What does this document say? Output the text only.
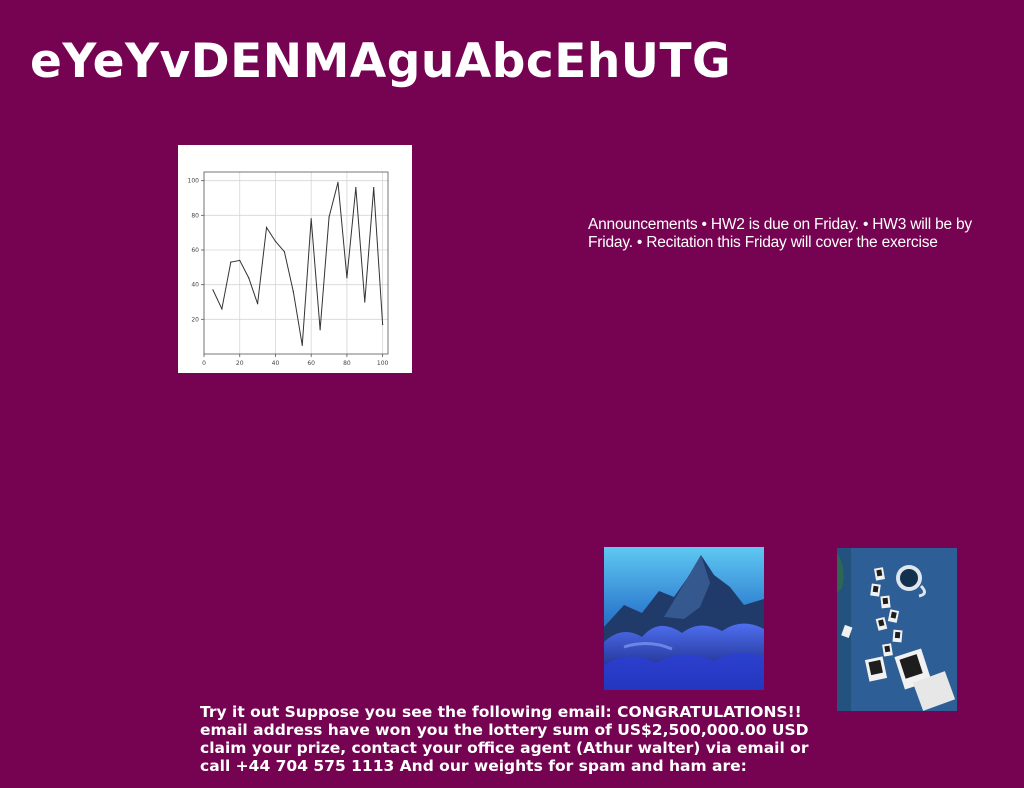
eYeYvDENMAguAbcEhUTG
0	20	40	60	80	100
20
40
60
80
100
Announcements • HW2 is due on Friday. • HW3 will be by Friday. • Recitation this Friday will cover the exercise
Try it out Suppose you see the following email: CONGRATULATIONS!! email address have won you the lottery sum of US$2,500,000.00 USD claim your prize, contact your office agent (Athur walter) via email or call +44 704 575 1113 And our weights for spam and ham are:
